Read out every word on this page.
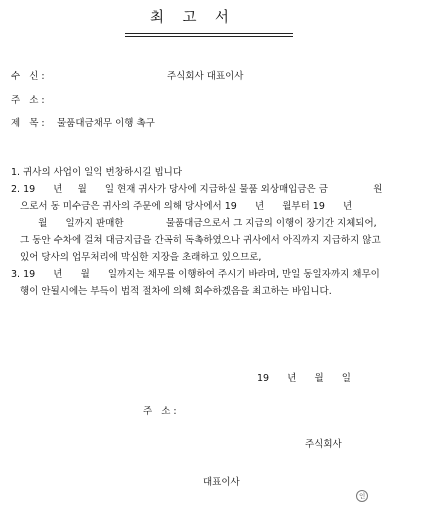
최    고    서
수   신 :	주식회사 대표이사
주   소 :
제   목 : 물품대금채무 이행 촉구
1. 귀사의 사업이 일익 번창하시길 빕니다
2. 19      년     월      일 현재 귀사가 당사에 지급하실 물품 외상매입금은 금               원
으로서 동 미수금은 귀사의 주문에 의해 당사에서 19      년      월부터 19      년
월      일까지 판매한              물품대금으로서 그 지급의 이행이 장기간 지체되어,
그 동안 수차에 걸쳐 대금지급을 간곡히 독촉하였으나 귀사에서 아직까지 지급하지 않고
있어 당사의 업무처리에 막심한 지장을 초래하고 있으므로,
3. 19      년      월      일까지는 채무를 이행하여 주시기 바라며, 만일 동일자까지 채무이
행이 안될시에는 부득이 법적 절차에 의해 회수하겠음을 최고하는 바입니다.
19      년      월      일
주   소 :
주식회사
대표이사

인
